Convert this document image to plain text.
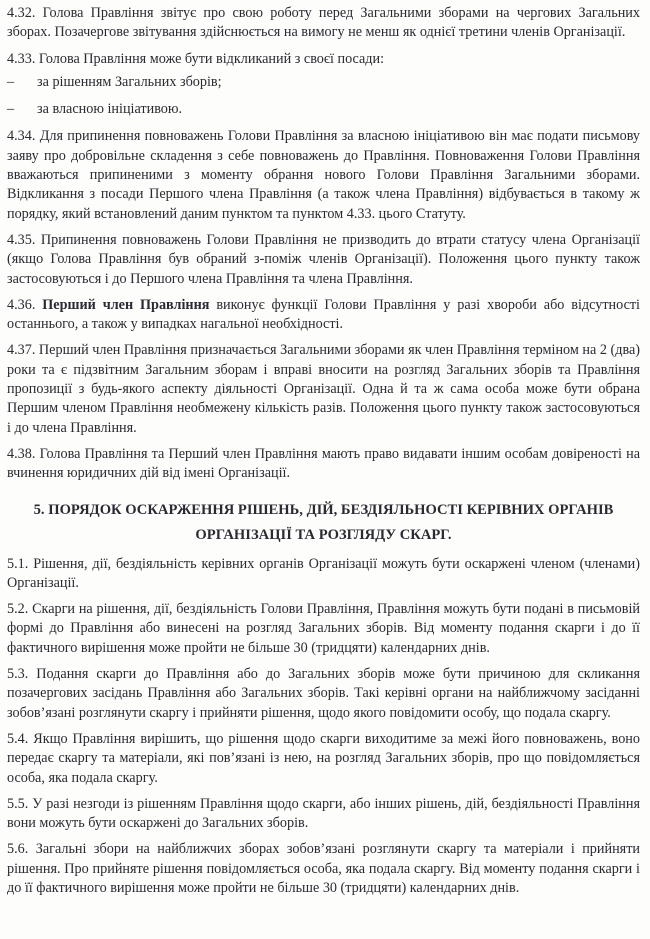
4.32. Голова Правління звітує про свою роботу перед Загальними зборами на чергових Загальних зборах. Позачергове звітування здійснюється на вимогу не менш як однієї третини членів Організації.

4.33. Голова Правління може бути відкликаний з своєї посади:

– за рішенням Загальних зборів;
– за власною ініціативою.

4.34. Для припинення повноважень Голови Правління за власною ініціативою він має подати письмову заяву про добровільне складення з себе повноважень до Правління. Повноваження Голови Правління вважаються припиненими з моменту обрання нового Голови Правління Загальними зборами. Відкликання з посади Першого члена Правління (а також члена Правління) відбувається в такому ж порядку, який встановлений даним пунктом та пунктом 4.33. цього Статуту.

4.35. Припинення повноважень Голови Правління не призводить до втрати статусу члена Організації (якщо Голова Правління був обраний з-поміж членів Організації). Положення цього пункту також застосовуються і до Першого члена Правління та члена Правління.

4.36. Перший член Правління виконує функції Голови Правління у разі хвороби або відсутності останнього, а також у випадках нагальної необхідності.

4.37. Перший член Правління призначається Загальними зборами як член Правління терміном на 2 (два) роки та є підзвітним Загальним зборам і вправі вносити на розгляд Загальних зборів та Правління пропозиції з будь-якого аспекту діяльності Організації. Одна й та ж сама особа може бути обрана Першим членом Правління необмежену кількість разів. Положення цього пункту також застосовуються і до члена Правління.

4.38. Голова Правління та Перший член Правління мають право видавати іншим особам довіреності на вчинення юридичних дій від імені Організації.

5. ПОРЯДОК ОСКАРЖЕННЯ РІШЕНЬ, ДІЙ, БЕЗДІЯЛЬНОСТІ КЕРІВНИХ ОРГАНІВ

ОРГАНІЗАЦІЇ ТА РОЗГЛЯДУ СКАРГ.

5.1. Рішення, дії, бездіяльність керівних органів Організації можуть бути оскаржені членом (членами) Організації.

5.2. Скарги на рішення, дії, бездіяльність Голови Правління, Правління можуть бути подані в письмовій формі до Правління або винесені на розгляд Загальних зборів. Від моменту подання скарги і до її фактичного вирішення може пройти не більше 30 (тридцяти) календарних днів.

5.3. Подання скарги до Правління або до Загальних зборів може бути причиною для скликання позачергових засідань Правління або Загальних зборів. Такі керівні органи на найближчому засіданні зобов’язані розглянути скаргу і прийняти рішення, щодо якого повідомити особу, що подала скаргу.

5.4. Якщо Правління вирішить, що рішення щодо скарги виходитиме за межі його повноважень, воно передає скаргу та матеріали, які пов’язані із нею, на розгляд Загальних зборів, про що повідомляється особа, яка подала скаргу.

5.5. У разі незгоди із рішенням Правління щодо скарги, або інших рішень, дій, бездіяльності Правління вони можуть бути оскаржені до Загальних зборів.

5.6. Загальні збори на найближчих зборах зобов’язані розглянути скаргу та матеріали і прийняти рішення. Про прийняте рішення повідомляється особа, яка подала скаргу. Від моменту подання скарги і до її фактичного вирішення може пройти не більше 30 (тридцяти) календарних днів.
